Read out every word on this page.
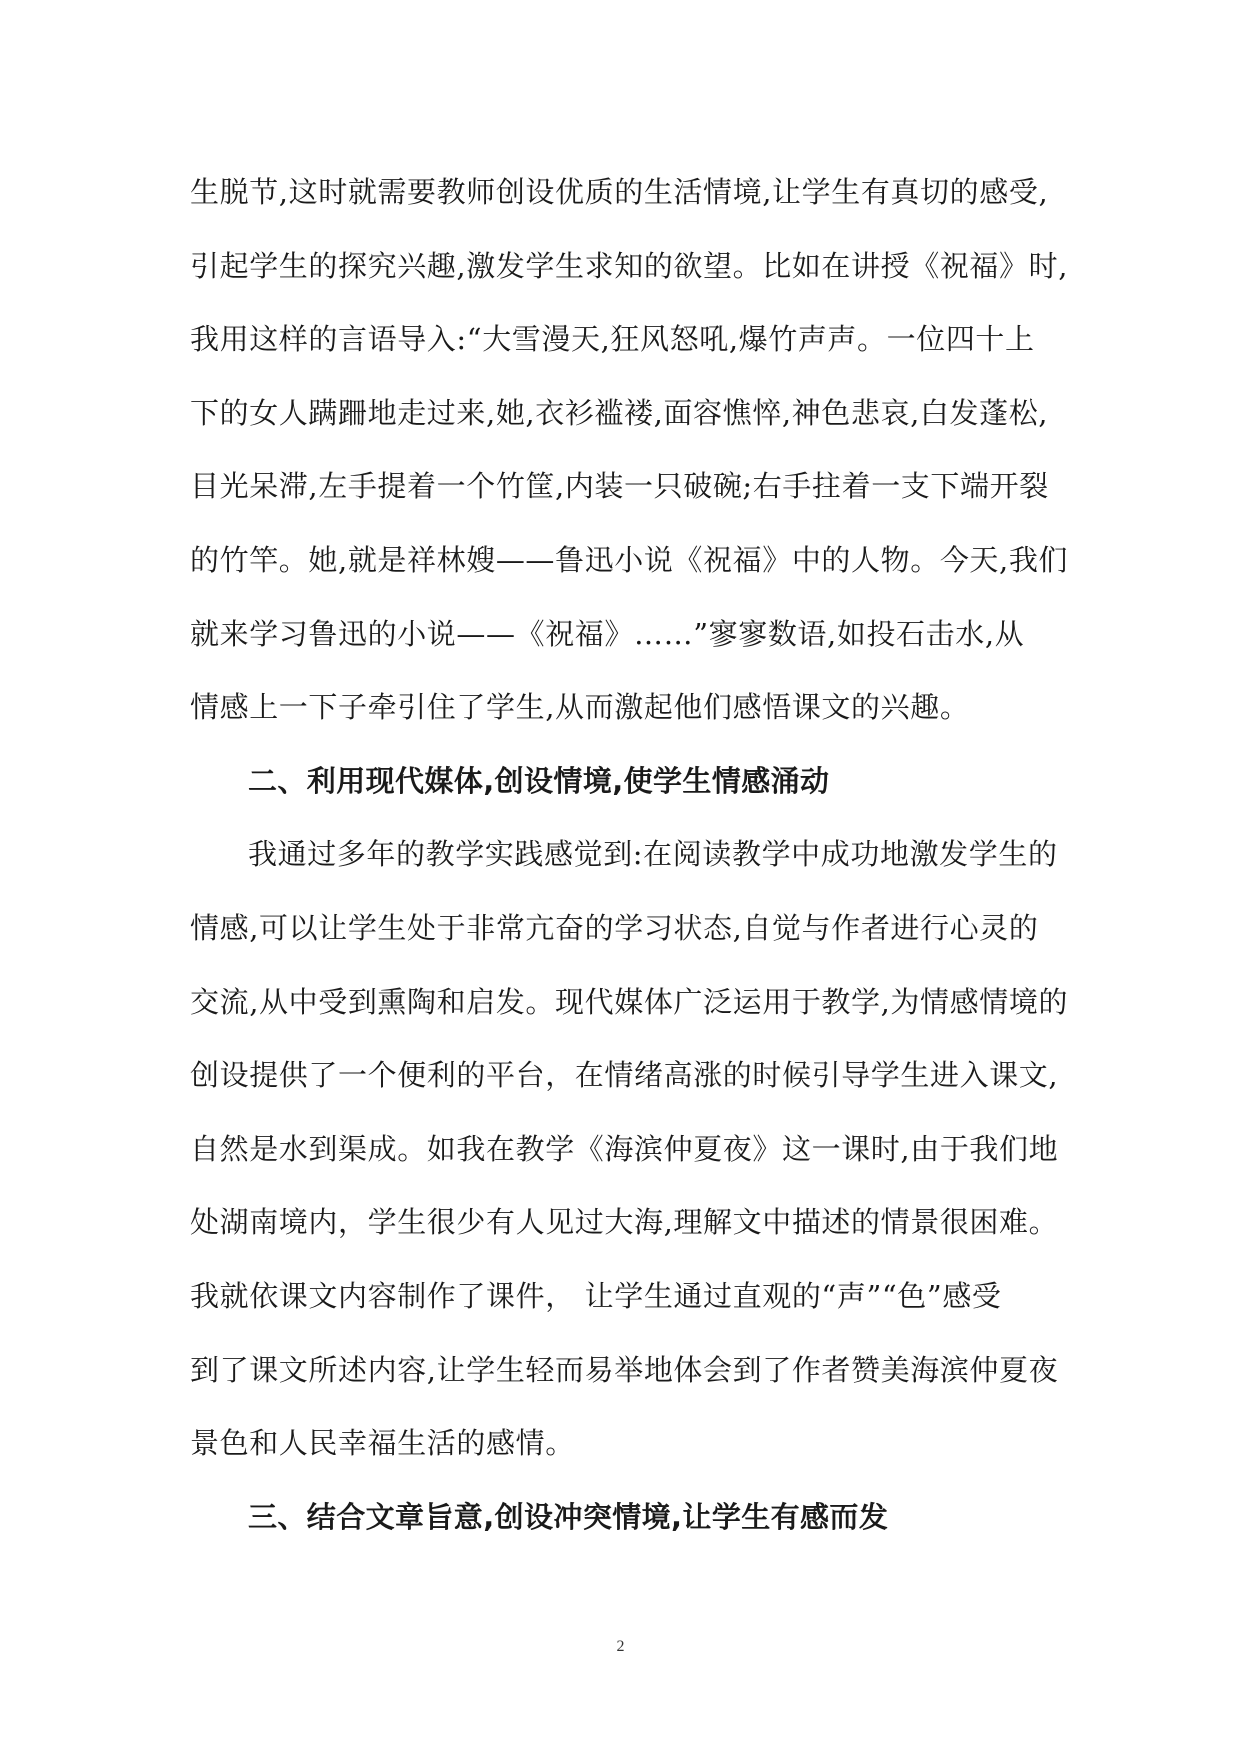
生脱节,这时就需要教师创设优质的生活情境,让学生有真切的感受,
引起学生的探究兴趣,激发学生求知的欲望。比如在讲授《祝福》时,
我用这样的言语导入:“大雪漫天,狂风怒吼,爆竹声声。一位四十上
下的女人蹒跚地走过来,她,衣衫褴褛,面容憔悴,神色悲哀,白发蓬松,
目光呆滞,左手提着一个竹筐,内装一只破碗;右手拄着一支下端开裂
的竹竿。她,就是祥林嫂——鲁迅小说《祝福》中的人物。今天,我们
就来学习鲁迅的小说——《祝福》……”寥寥数语,如投石击水,从
情感上一下子牵引住了学生,从而激起他们感悟课文的兴趣。
二、利用现代媒体,创设情境,使学生情感涌动
我通过多年的教学实践感觉到:在阅读教学中成功地激发学生的
情感,可以让学生处于非常亢奋的学习状态,自觉与作者进行心灵的
交流,从中受到熏陶和启发。现代媒体广泛运用于教学,为情感情境的
创设提供了一个便利的平台，在情绪高涨的时候引导学生进入课文,
自然是水到渠成。如我在教学《海滨仲夏夜》这一课时,由于我们地
处湖南境内，学生很少有人见过大海,理解文中描述的情景很困难。
我就依课文内容制作了课件， 让学生通过直观的“声”“色”感受
到了课文所述内容,让学生轻而易举地体会到了作者赞美海滨仲夏夜
景色和人民幸福生活的感情。
三、结合文章旨意,创设冲突情境,让学生有感而发
2
